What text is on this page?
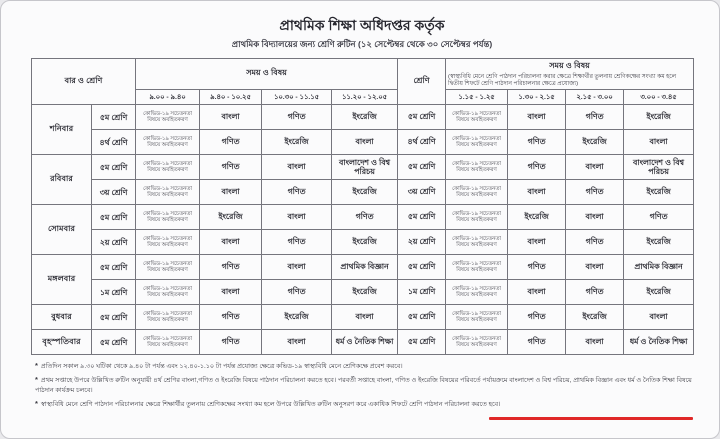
প্রাথমিক শিক্ষা অধিদপ্তর কর্তৃক
প্রাথমিক বিদ্যালয়ের জন্য শ্রেণি রুটিন (১২ সেপ্টেম্বর থেকে ৩০ সেপ্টেম্বর পর্যন্ত)
বার ও শ্রেণি		সময় ও বিষয়				শ্রেণি	সময় ও বিষয়
(স্বাস্থ্যবিধি মেনে শ্রেণি পাঠদান পরিচালনা করার ক্ষেত্রে শিক্ষার্থীর তুলনায় শ্রেণিকক্ষের সংখ্যা কম হলে দ্বিতীয় শিফটে শ্রেণি পাঠদান পরিচালনার ক্ষেত্রে প্রযোজ্য)			

		৯.০০ - ৯.৪০	৯.৪০ - ১০.২৫	১০.৩০ - ১১.১৫	১১.২০ - ১২.০৫		১.১৫ - ১.২৫	১.৩০ - ২.১৫	২.১৫ - ৩.০০	৩.০০ - ৩.৪৫
শনিবার	৫ম শ্রেণি	কোভিড-১৯ সচেতনতা বিষয়ে অবহিতকরণ	বাংলা	গণিত	ইংরেজি	৫ম শ্রেণি	কোভিড-১৯ সচেতনতা বিষয়ে অবহিতকরণ	বাংলা	গণিত	ইংরেজি
	৪র্থ শ্রেণি	কোভিড-১৯ সচেতনতা বিষয়ে অবহিতকরণ	গণিত	ইংরেজি	বাংলা	৪র্থ শ্রেণি	কোভিড-১৯ সচেতনতা বিষয়ে অবহিতকরণ	গণিত	ইংরেজি	বাংলা
রবিবার	৫ম শ্রেণি	কোভিড-১৯ সচেতনতা বিষয়ে অবহিতকরণ	গণিত	বাংলা	বাংলাদেশ ও বিশ্ব পরিচয়	৫ম শ্রেণি	কোভিড-১৯ সচেতনতা বিষয়ে অবহিতকরণ	গণিত	বাংলা	বাংলাদেশ ও বিশ্ব পরিচয়
	৩য় শ্রেণি	কোভিড-১৯ সচেতনতা বিষয়ে অবহিতকরণ	বাংলা	গণিত	ইংরেজি	৩য় শ্রেণি	কোভিড-১৯ সচেতনতা বিষয়ে অবহিতকরণ	বাংলা	গণিত	ইংরেজি
সোমবার	৫ম শ্রেণি	কোভিড-১৯ সচেতনতা বিষয়ে অবহিতকরণ	ইংরেজি	বাংলা	গণিত	৫ম শ্রেণি	কোভিড-১৯ সচেতনতা বিষয়ে অবহিতকরণ	ইংরেজি	বাংলা	গণিত
	২য় শ্রেণি	কোভিড-১৯ সচেতনতা বিষয়ে অবহিতকরণ	বাংলা	গণিত	ইংরেজি	২য় শ্রেণি	কোভিড-১৯ সচেতনতা বিষয়ে অবহিতকরণ	বাংলা	গণিত	ইংরেজি
মঙ্গলবার	৫ম শ্রেণি	কোভিড-১৯ সচেতনতা বিষয়ে অবহিতকরণ	গণিত	বাংলা	প্রাথমিক বিজ্ঞান	৫ম শ্রেণি	কোভিড-১৯ সচেতনতা বিষয়ে অবহিতকরণ	গণিত	বাংলা	প্রাথমিক বিজ্ঞান
	১ম শ্রেণি	কোভিড-১৯ সচেতনতা বিষয়ে অবহিতকরণ	বাংলা	গণিত	ইংরেজি	১ম শ্রেণি	কোভিড-১৯ সচেতনতা বিষয়ে অবহিতকরণ	বাংলা	গণিত	ইংরেজি
বুধবার	৫ম শ্রেণি	কোভিড-১৯ সচেতনতা বিষয়ে অবহিতকরণ	গণিত	ইংরেজি	বাংলা	৫ম শ্রেণি	কোভিড-১৯ সচেতনতা বিষয়ে অবহিতকরণ	গণিত	ইংরেজি	বাংলা
বৃহস্পতিবার	৫ম শ্রেণি	কোভিড-১৯ সচেতনতা বিষয়ে অবহিতকরণ	গণিত	বাংলা	ধর্ম ও নৈতিক শিক্ষা	৫ম শ্রেণি	কোভিড-১৯ সচেতনতা বিষয়ে অবহিতকরণ	গণিত	বাংলা	ধর্ম ও নৈতিক শিক্ষা
* প্রতিদিন সকাল ৯.৩০ ঘটিকা থেকে ৯.৪০ টা পর্যন্ত এবং ১২.৪০-১.১০ টা পর্যন্ত প্রযোজ্য ক্ষেত্রে কভিড-১৯ স্বাস্থ্যবিধি মেনে শ্রেণিকক্ষে প্রবেশ করবে।
* প্রথম সপ্তাহে উপরে উল্লিখিত রুটিন অনুযায়ী ৪র্থ শ্রেণির বাংলা,গণিত ও ইংরেজি বিষয়ে পাঠদান পরিচালনা করতে হবে। পরবর্তী সপ্তাহে বাংলা, গণিত ও ইংরেজি বিষয়ের পরিবর্তে পর্যায়ক্রমে বাংলাদেশ ও বিশ্ব পরিচয়, প্রাথমিক বিজ্ঞান এবং ধর্ম ও নৈতিক শিক্ষা বিষয়ে পাঠদান কার্যক্রম চলবে।
* স্বাস্থ্যবিধি মেনে শ্রেণি পাঠদান পরিচালনার ক্ষেত্রে শিক্ষার্থীর তুলনায় শ্রেণিকক্ষের সংখ্যা কম হলে উপরে উল্লিখিত রুটিন অনুসরণ করে একাধিক শিফটে শ্রেণি পাঠদান পরিচালনা করতে হবে।
